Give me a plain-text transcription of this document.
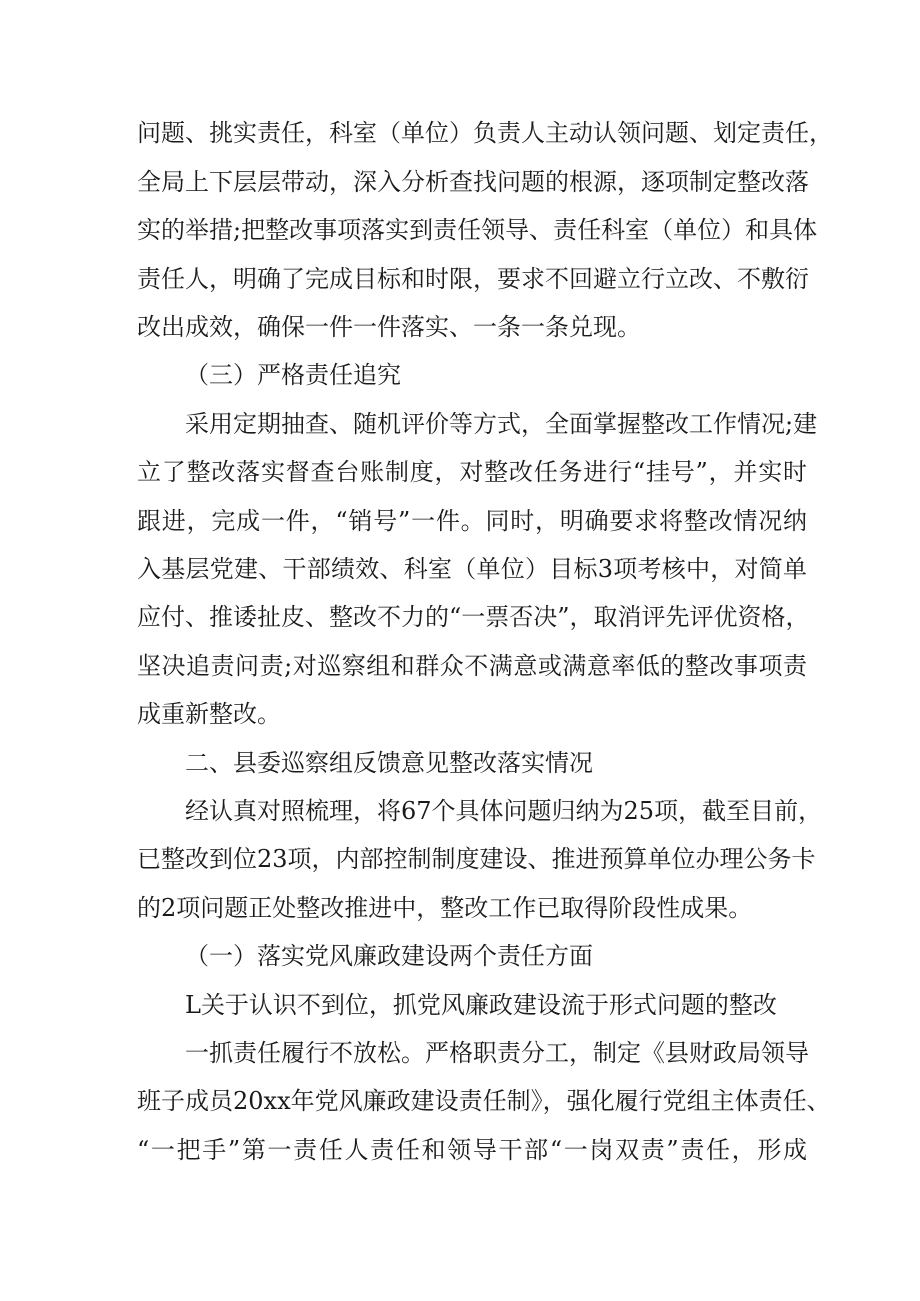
问题、挑实责任，科室（单位）负责人主动认领问题、划定责任，
全局上下层层带动，深入分析查找问题的根源，逐项制定整改落
实的举措;把整改事项落实到责任领导、责任科室（单位）和具体
责任人，明确了完成目标和时限，要求不回避立行立改、不敷衍
改出成效，确保一件一件落实、一条一条兑现。
（三）严格责任追究
采用定期抽查、随机评价等方式，全面掌握整改工作情况;建
立了整改落实督查台账制度，对整改任务进行“挂号”，并实时
跟进，完成一件，“销号”一件。同时，明确要求将整改情况纳
入基层党建、干部绩效、科室（单位）目标3项考核中，对简单
应付、推诿扯皮、整改不力的“一票否决”，取消评先评优资格，
坚决追责问责;对巡察组和群众不满意或满意率低的整改事项责
成重新整改。
二、县委巡察组反馈意见整改落实情况
经认真对照梳理，将67个具体问题归纳为25项，截至目前，
已整改到位23项，内部控制制度建设、推进预算单位办理公务卡
的2项问题正处整改推进中，整改工作已取得阶段性成果。
（一）落实党风廉政建设两个责任方面
L关于认识不到位，抓党风廉政建设流于形式问题的整改
一抓责任履行不放松。严格职责分工，制定《县财政局领导
班子成员20xx年党风廉政建设责任制》，强化履行党组主体责任、
“一把手”第一责任人责任和领导干部“一岗双责”责任，形成
